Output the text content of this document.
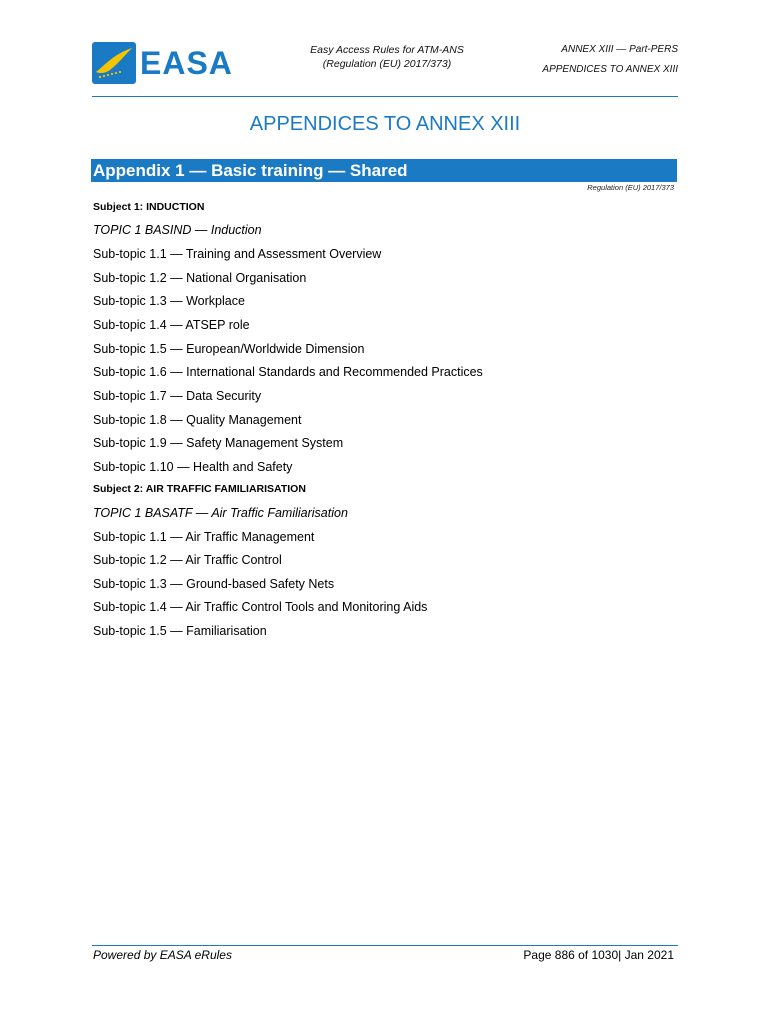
EASA	Easy Access Rules for ATM-ANS
(Regulation (EU) 2017/373)
ANNEX XIII — Part-PERS
APPENDICES TO ANNEX XIII
APPENDICES TO ANNEX XIII
Appendix 1 — Basic training — Shared
Regulation (EU) 2017/373
Subject 1: INDUCTION
TOPIC 1 BASIND — Induction
Sub-topic 1.1 — Training and Assessment Overview
Sub-topic 1.2 — National Organisation
Sub-topic 1.3 — Workplace
Sub-topic 1.4 — ATSEP role
Sub-topic 1.5 — European/Worldwide Dimension
Sub-topic 1.6 — International Standards and Recommended Practices
Sub-topic 1.7 — Data Security
Sub-topic 1.8 — Quality Management
Sub-topic 1.9 — Safety Management System
Sub-topic 1.10 — Health and Safety
Subject 2: AIR TRAFFIC FAMILIARISATION
TOPIC 1 BASATF — Air Traffic Familiarisation
Sub-topic 1.1 — Air Traffic Management
Sub-topic 1.2 — Air Traffic Control
Sub-topic 1.3 — Ground-based Safety Nets
Sub-topic 1.4 — Air Traffic Control Tools and Monitoring Aids
Sub-topic 1.5 — Familiarisation
Powered by EASA eRules	Page 886 of 1030| Jan 2021
